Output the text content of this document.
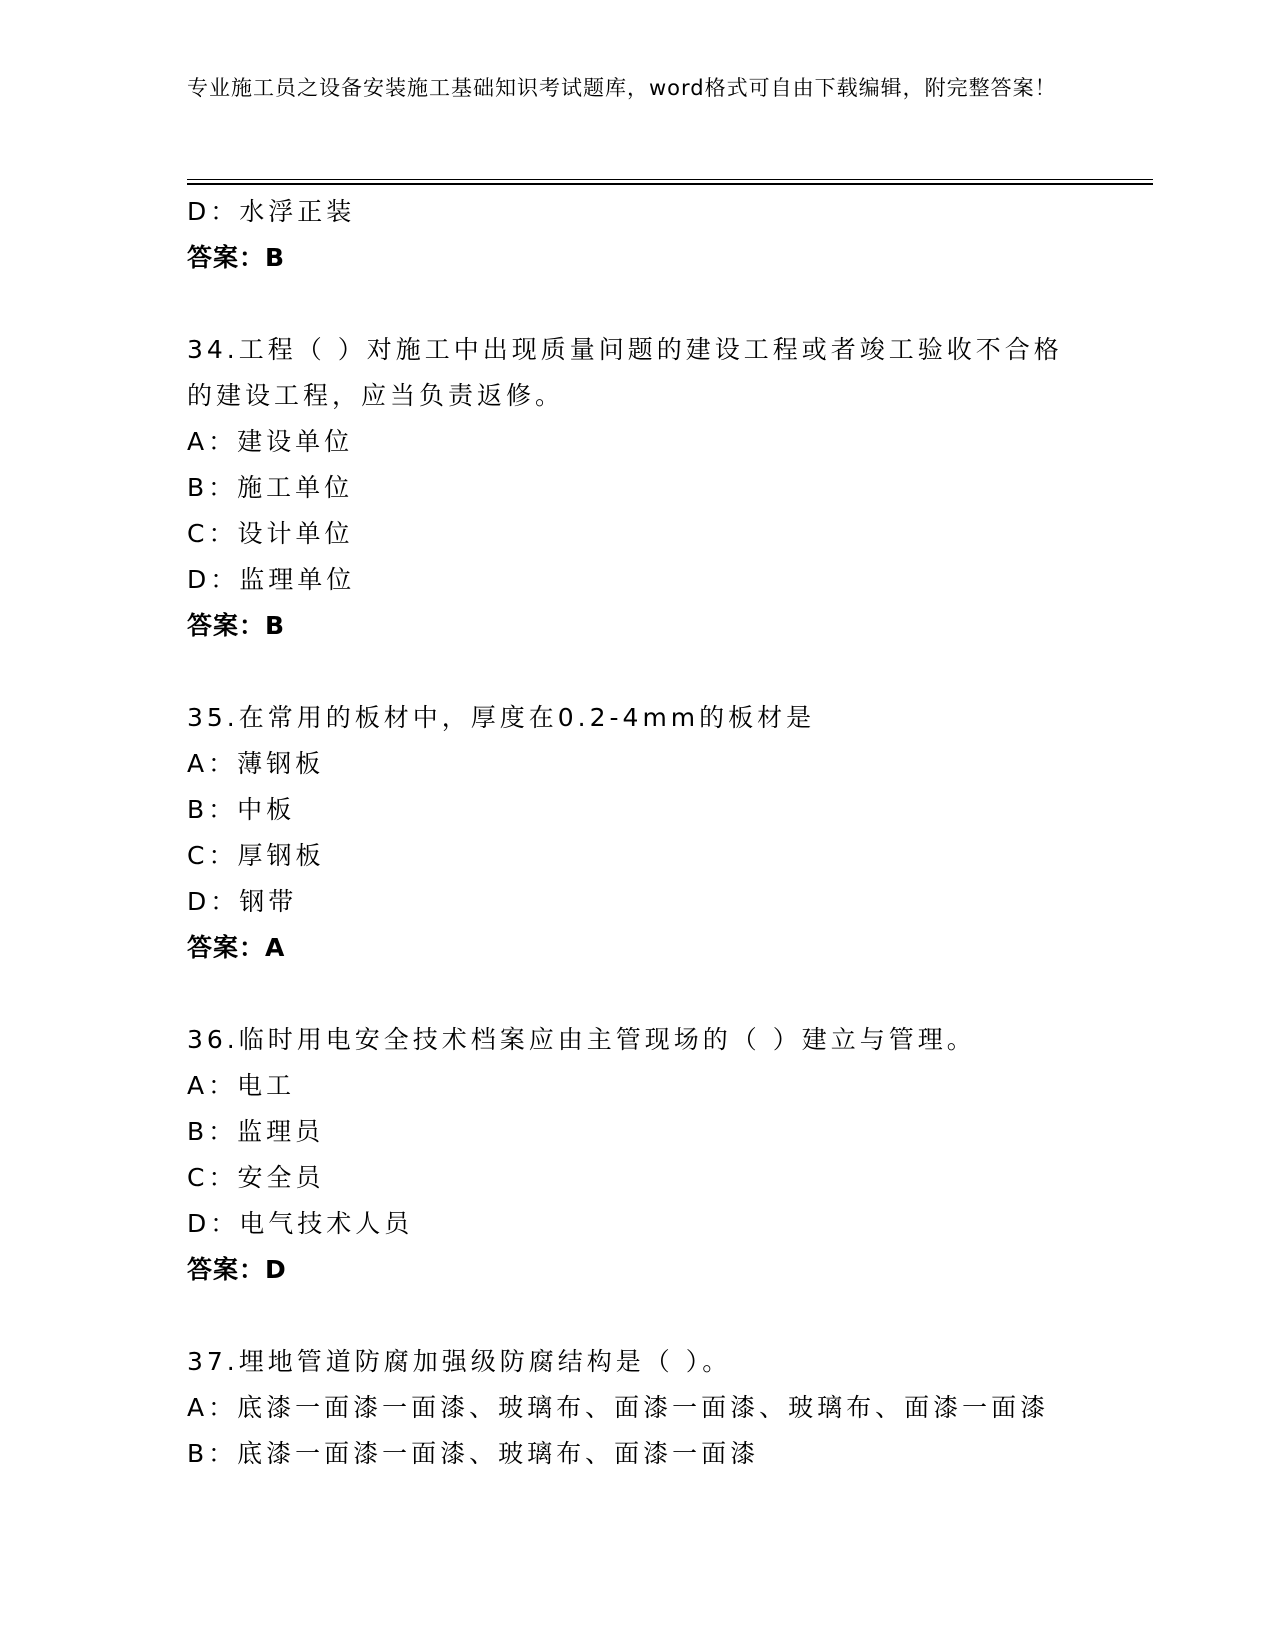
专业施工员之设备安装施工基础知识考试题库，word格式可自由下载编辑，附完整答案！
D：水浮正装
答案：B
34.工程（ ）对施工中出现质量问题的建设工程或者竣工验收不合格的建设工程，应当负责返修。
A：建设单位
B：施工单位
C：设计单位
D：监理单位
答案：B
35.在常用的板材中，厚度在0.2-4mm的板材是
A：薄钢板
B：中板
C：厚钢板
D：钢带
答案：A
36.临时用电安全技术档案应由主管现场的（ ）建立与管理。
A：电工
B：监理员
C：安全员
D：电气技术人员
答案：D
37.埋地管道防腐加强级防腐结构是（ ）。
A：底漆一面漆一面漆、玻璃布、面漆一面漆、玻璃布、面漆一面漆
B：底漆一面漆一面漆、玻璃布、面漆一面漆
